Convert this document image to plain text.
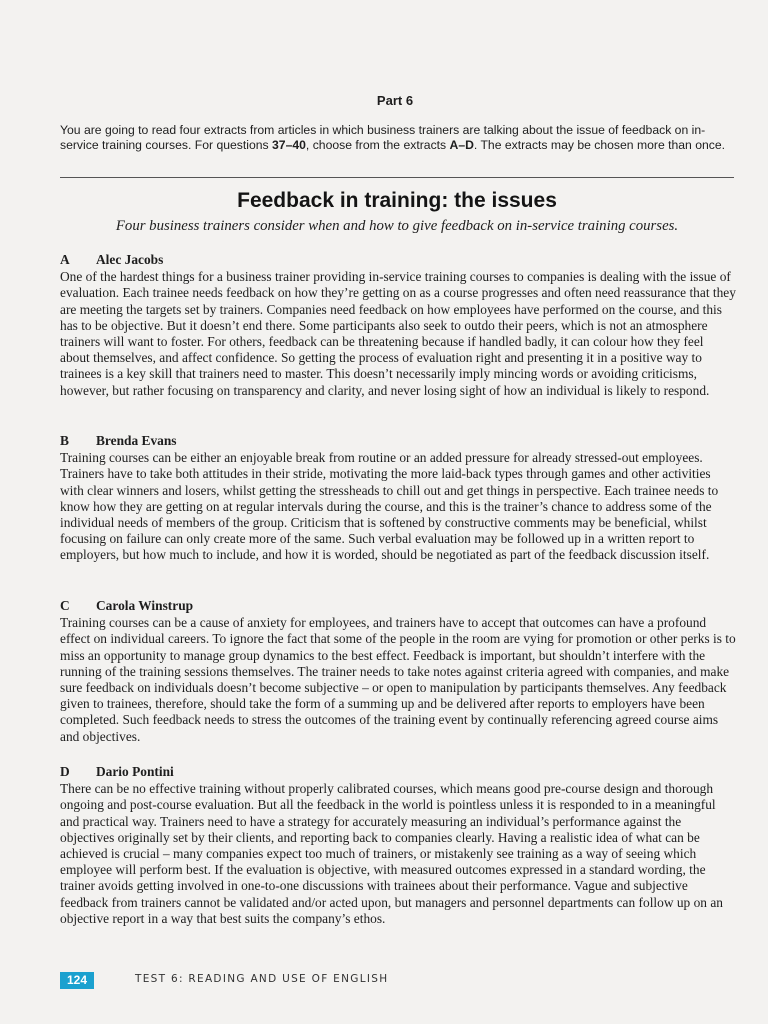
Part 6
You are going to read four extracts from articles in which business trainers are talking about the issue of feedback on in-service training courses. For questions 37–40, choose from the extracts A–D. The extracts may be chosen more than once.
Feedback in training: the issues
Four business trainers consider when and how to give feedback on in-service training courses.
A Alec Jacobs

One of the hardest things for a business trainer providing in-service training courses to companies is dealing with the issue of evaluation. Each trainee needs feedback on how they’re getting on as a course progresses and often need reassurance that they are meeting the targets set by trainers. Companies need feedback on how employees have performed on the course, and this has to be objective. But it doesn’t end there. Some participants also seek to outdo their peers, which is not an atmosphere trainers will want to foster. For others, feedback can be threatening because if handled badly, it can colour how they feel about themselves, and affect confidence. So getting the process of evaluation right and presenting it in a positive way to trainees is a key skill that trainers need to master. This doesn’t necessarily imply mincing words or avoiding criticisms, however, but rather focusing on transparency and clarity, and never losing sight of how an individual is likely to respond.

B Brenda Evans

Training courses can be either an enjoyable break from routine or an added pressure for already stressed-out employees. Trainers have to take both attitudes in their stride, motivating the more laid-back types through games and other activities with clear winners and losers, whilst getting the stressheads to chill out and get things in perspective. Each trainee needs to know how they are getting on at regular intervals during the course, and this is the trainer’s chance to address some of the individual needs of members of the group. Criticism that is softened by constructive comments may be beneficial, whilst focusing on failure can only create more of the same. Such verbal evaluation may be followed up in a written report to employers, but how much to include, and how it is worded, should be negotiated as part of the feedback discussion itself.

C Carola Winstrup

Training courses can be a cause of anxiety for employees, and trainers have to accept that outcomes can have a profound effect on individual careers. To ignore the fact that some of the people in the room are vying for promotion or other perks is to miss an opportunity to manage group dynamics to the best effect. Feedback is important, but shouldn’t interfere with the running of the training sessions themselves. The trainer needs to take notes against criteria agreed with companies, and make sure feedback on individuals doesn’t become subjective – or open to manipulation by participants themselves. Any feedback given to trainees, therefore, should take the form of a summing up and be delivered after reports to employers have been completed. Such feedback needs to stress the outcomes of the training event by continually referencing agreed course aims and objectives.

D Dario Pontini

There can be no effective training without properly calibrated courses, which means good pre-course design and thorough ongoing and post-course evaluation. But all the feedback in the world is pointless unless it is responded to in a meaningful and practical way. Trainers need to have a strategy for accurately measuring an individual’s performance against the objectives originally set by their clients, and reporting back to companies clearly. Having a realistic idea of what can be achieved is crucial – many companies expect too much of trainers, or mistakenly see training as a way of seeing which employee will perform best. If the evaluation is objective, with measured outcomes expressed in a standard wording, the trainer avoids getting involved in one-to-one discussions with trainees about their performance. Vague and subjective feedback from trainers cannot be validated and/or acted upon, but managers and personnel departments can follow up on an objective report in a way that best suits the company’s ethos.

124	TEST 6: READING AND USE OF ENGLISH
